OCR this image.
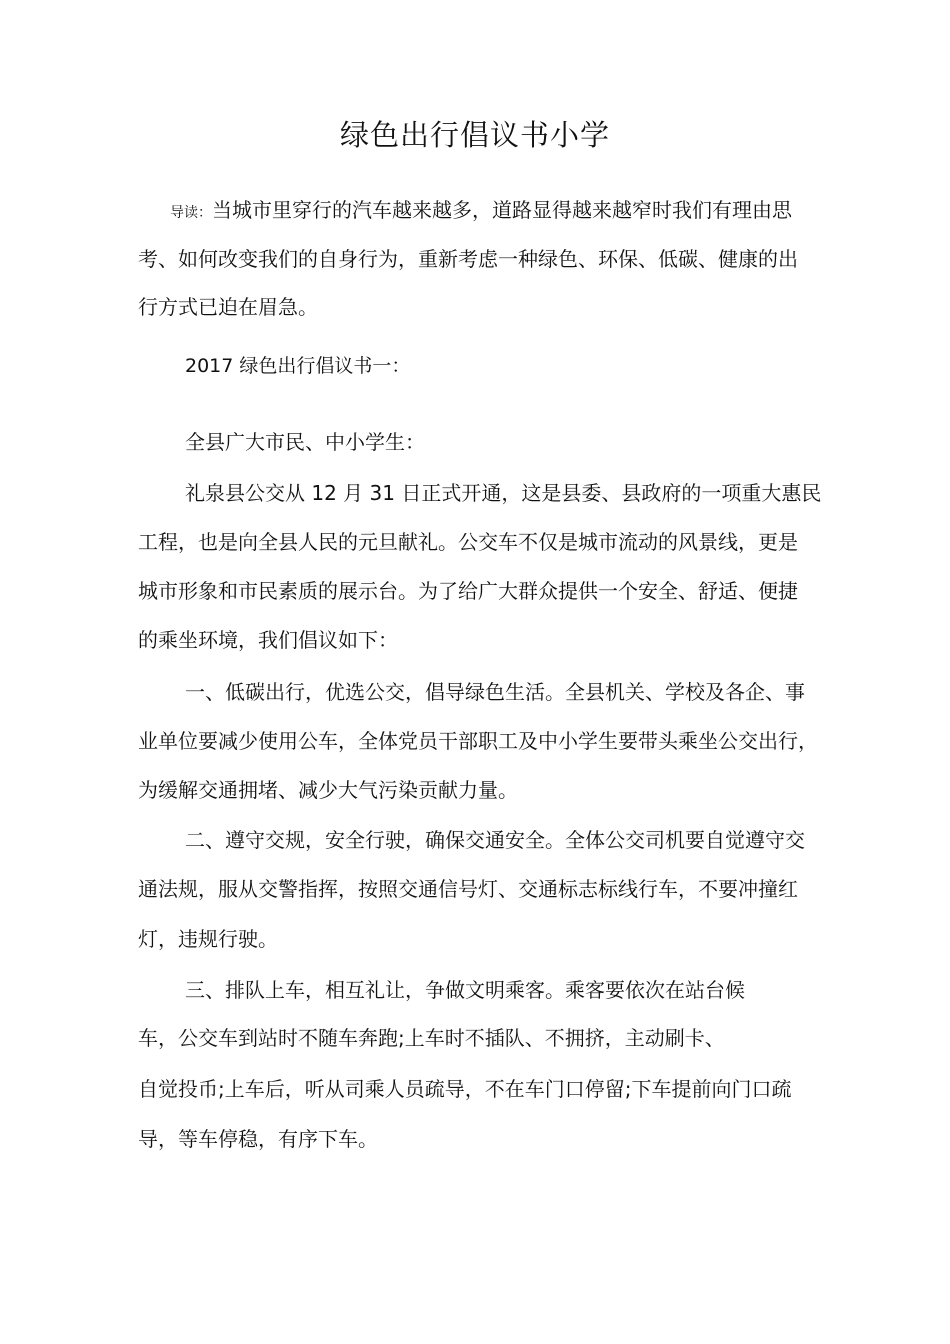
绿色出行倡议书小学
导读：当城市里穿行的汽车越来越多，道路显得越来越窄时我们有理由思
考、如何改变我们的自身行为，重新考虑一种绿色、环保、低碳、健康的出
行方式已迫在眉急。
2017 绿色出行倡议书一：
全县广大市民、中小学生：
礼泉县公交从 12 月 31 日正式开通，这是县委、县政府的一项重大惠民
工程，也是向全县人民的元旦献礼。公交车不仅是城市流动的风景线，更是
城市形象和市民素质的展示台。为了给广大群众提供一个安全、舒适、便捷
的乘坐环境，我们倡议如下：
一、低碳出行，优选公交，倡导绿色生活。全县机关、学校及各企、事
业单位要减少使用公车，全体党员干部职工及中小学生要带头乘坐公交出行，
为缓解交通拥堵、减少大气污染贡献力量。
二、遵守交规，安全行驶，确保交通安全。全体公交司机要自觉遵守交
通法规，服从交警指挥，按照交通信号灯、交通标志标线行车，不要冲撞红
灯，违规行驶。
三、排队上车，相互礼让，争做文明乘客。乘客要依次在站台候
车，公交车到站时不随车奔跑;上车时不插队、不拥挤，主动刷卡、
自觉投币;上车后，听从司乘人员疏导，不在车门口停留;下车提前向门口疏
导，等车停稳，有序下车。
